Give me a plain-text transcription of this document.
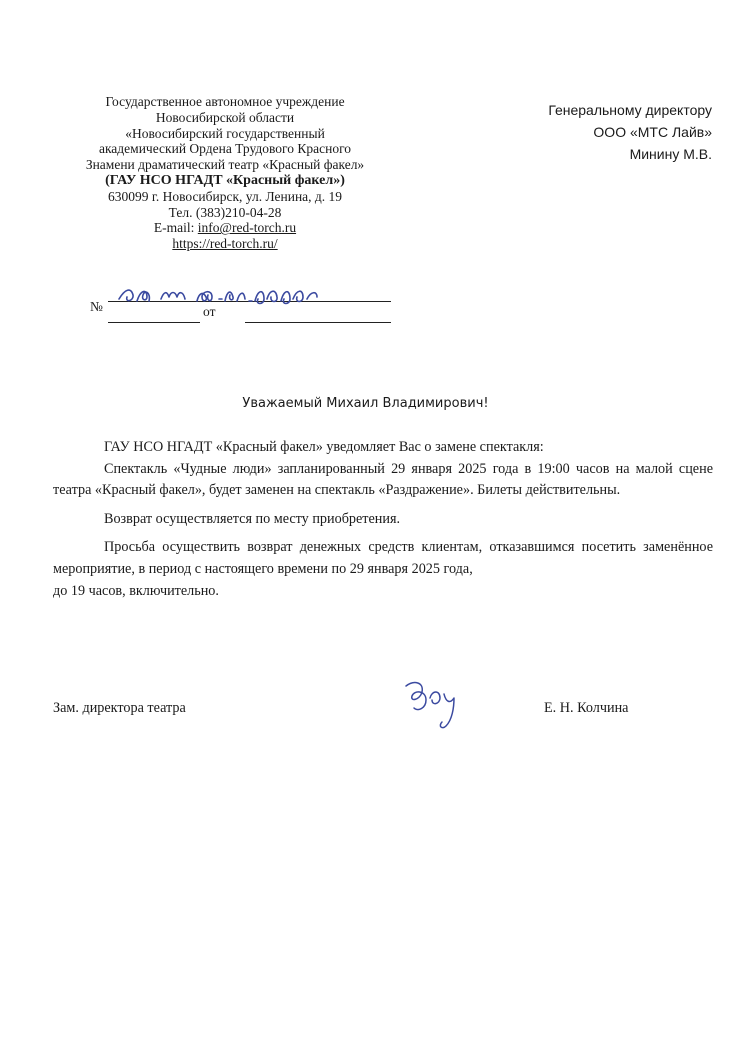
Государственное автономное учреждение
Новосибирской области
«Новосибирский государственный
академический Ордена Трудового Красного
Знамени драматический театр «Красный факел»
(ГАУ НСО НГАДТ «Красный факел»)
630099 г. Новосибирск, ул. Ленина, д. 19
Тел. (383)210-04-28
E-mail: info@red-torch.ru
https://red-torch.ru/
№	от
Генеральному директору
ООО «МТС Лайв»
Минину М.В.
Уважаемый Михаил Владимирович!

ГАУ НСО НГАДТ «Красный факел» уведомляет Вас о замене спектакля:

Спектакль «Чудные люди» запланированный 29 января 2025 года в 19:00 часов на малой сцене театра «Красный факел», будет заменен на спектакль «Раздражение». Билеты действительны.

Возврат осуществляется по месту приобретения.

Просьба осуществить возврат денежных средств клиентам, отказавшимся посетить заменённое мероприятие, в период с настоящего времени по 29 января 2025 года,

до 19 часов, включительно.

Зам. директора театра	Е. Н. Колчина
